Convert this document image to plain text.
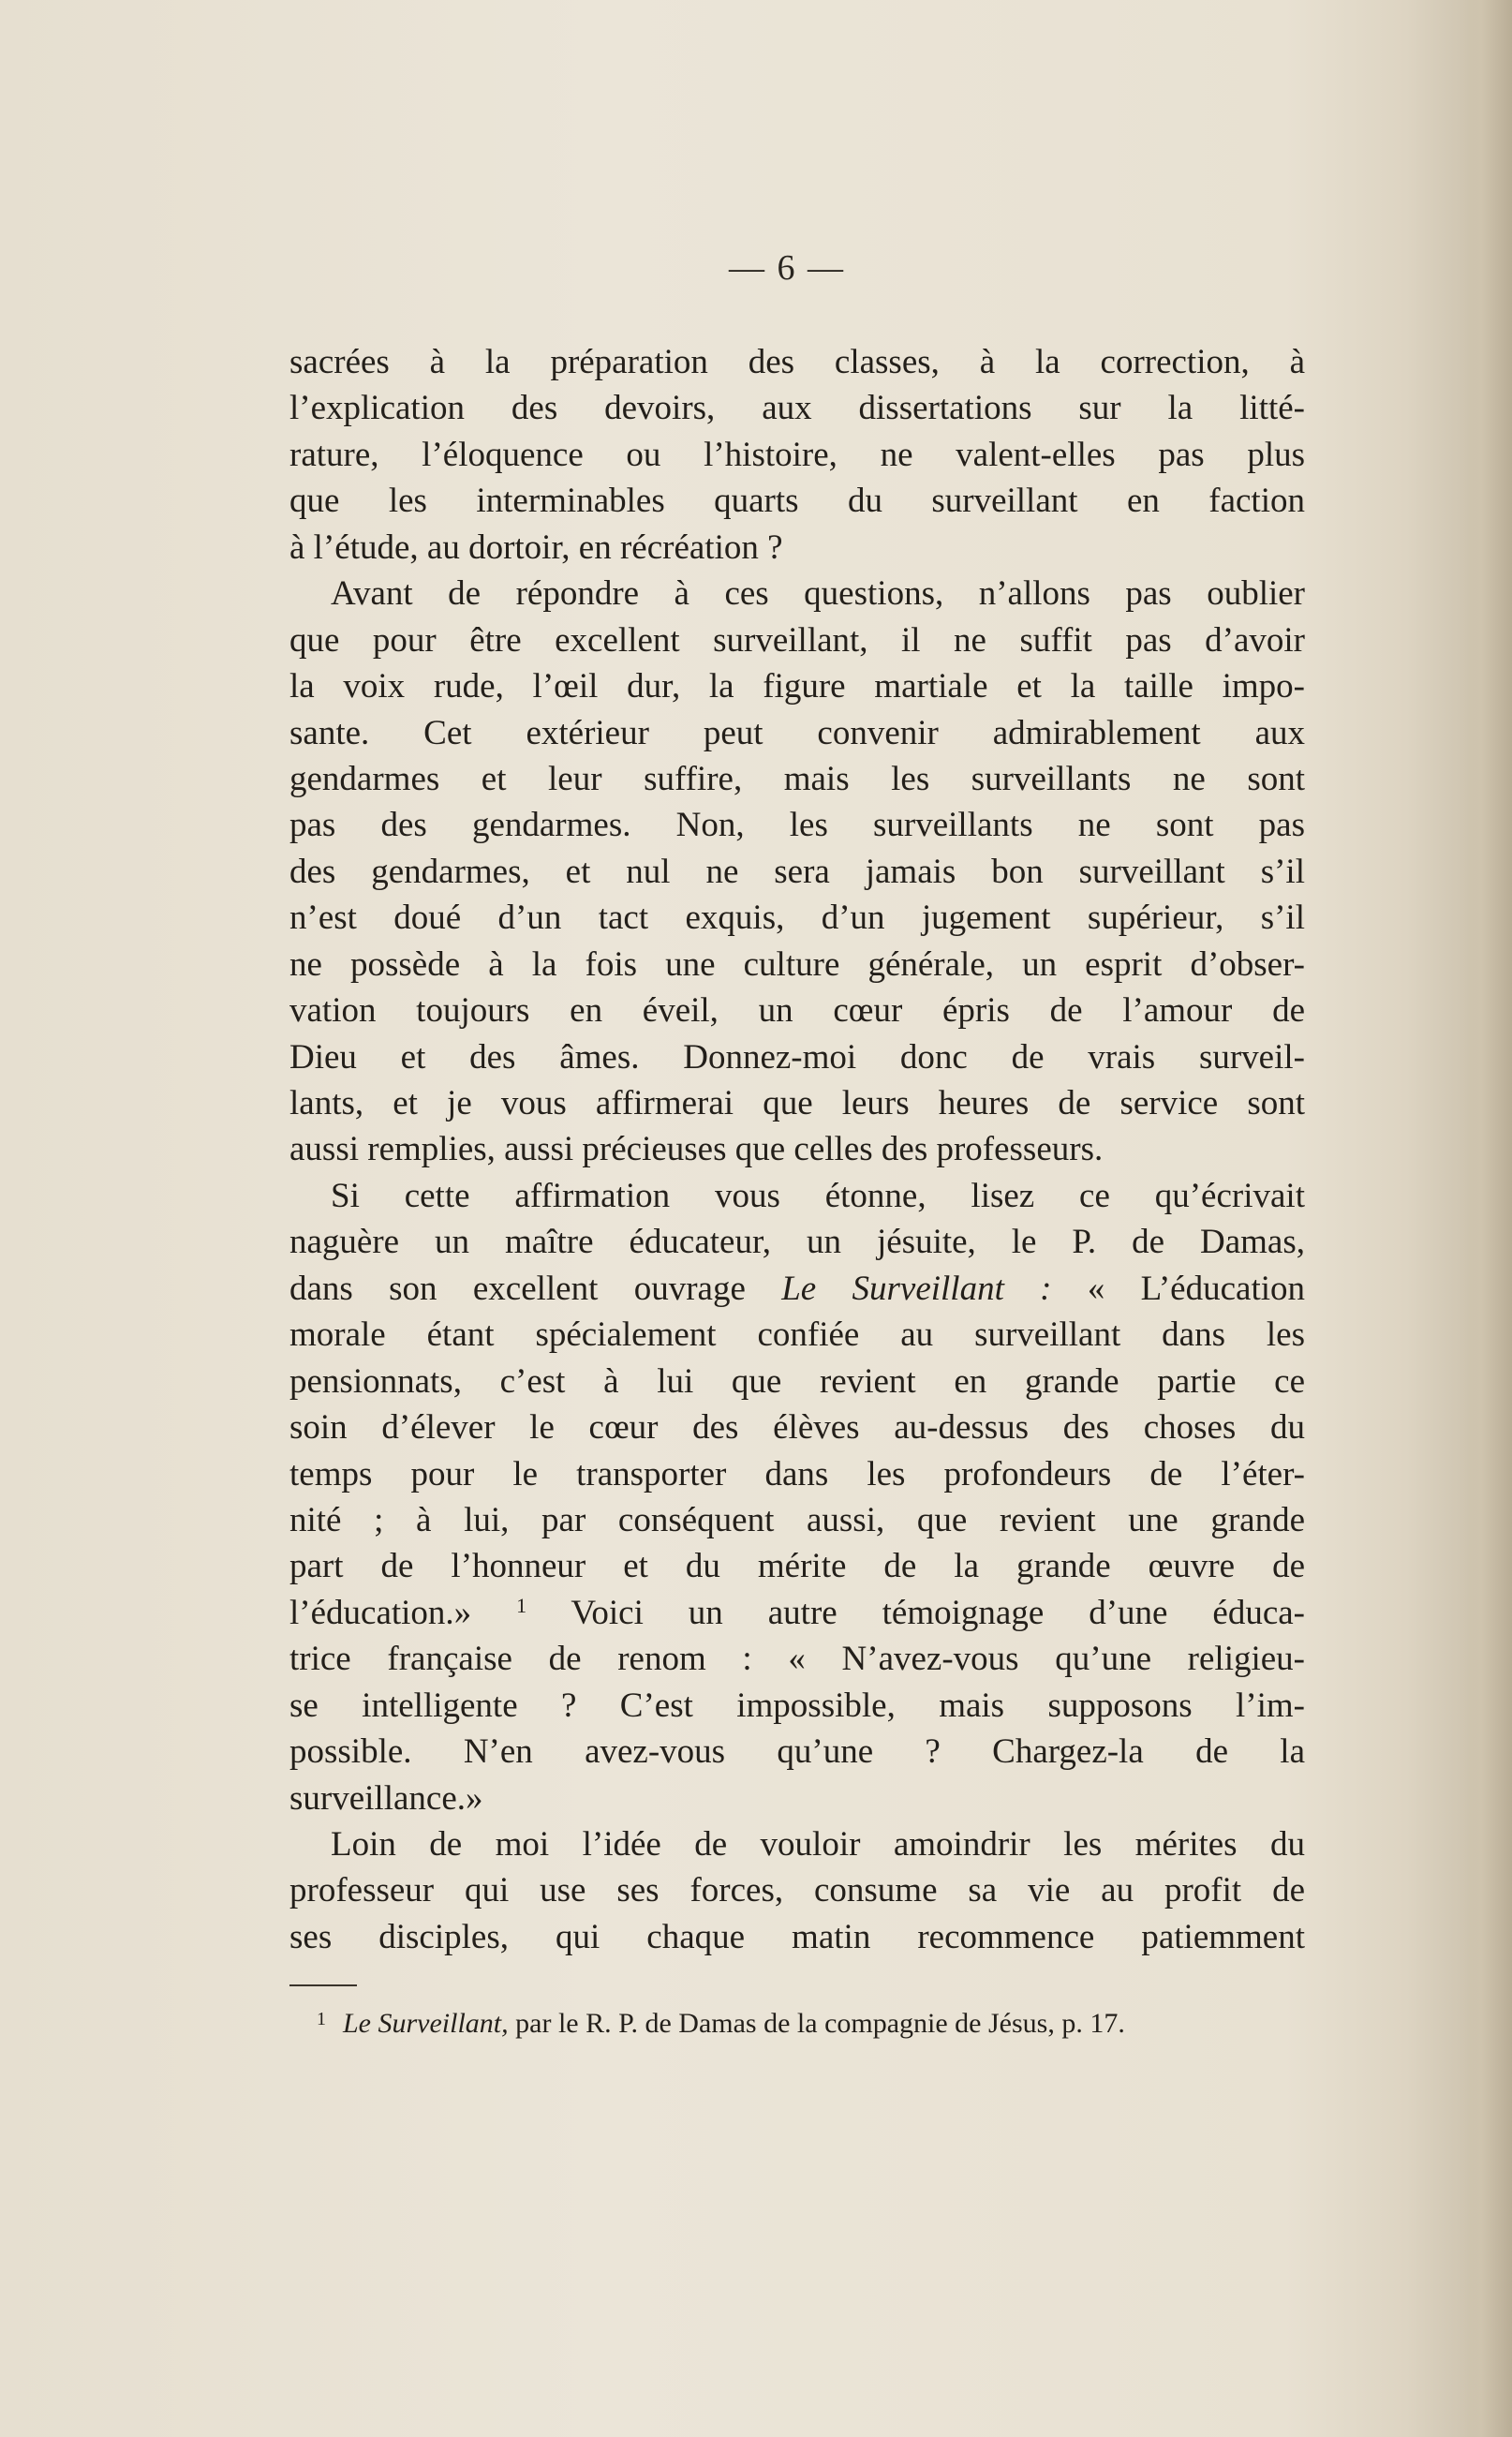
— 6 —
sacrées à la préparation des classes, à la correction, à
l’explication des devoirs, aux dissertations sur la litté-
rature, l’éloquence ou l’histoire, ne valent-elles pas plus
que les interminables quarts du surveillant en faction
à l’étude, au dortoir, en récréation ?
Avant de répondre à ces questions, n’allons pas oublier
que pour être excellent surveillant, il ne suffit pas d’avoir
la voix rude, l’œil dur, la figure martiale et la taille impo-
sante. Cet extérieur peut convenir admirablement aux
gendarmes et leur suffire, mais les surveillants ne sont
pas des gendarmes. Non, les surveillants ne sont pas
des gendarmes, et nul ne sera jamais bon surveillant s’il
n’est doué d’un tact exquis, d’un jugement supérieur, s’il
ne possède à la fois une culture générale, un esprit d’obser-
vation toujours en éveil, un cœur épris de l’amour de
Dieu et des âmes. Donnez-moi donc de vrais surveil-
lants, et je vous affirmerai que leurs heures de service sont
aussi remplies, aussi précieuses que celles des professeurs.
Si cette affirmation vous étonne, lisez ce qu’écrivait
naguère un maître éducateur, un jésuite, le P. de Damas,
dans son excellent ouvrage Le Surveillant : « L’éducation
morale étant spécialement confiée au surveillant dans les
pensionnats, c’est à lui que revient en grande partie ce
soin d’élever le cœur des élèves au-dessus des choses du
temps pour le transporter dans les profondeurs de l’éter-
nité ; à lui, par conséquent aussi, que revient une grande
part de l’honneur et du mérite de la grande œuvre de
l’éducation.» $^1$ Voici un autre témoignage d’une éduca-
trice française de renom : « N’avez-vous qu’une religieu-
se intelligente ? C’est impossible, mais supposons l’im-
possible. N’en avez-vous qu’une ? Chargez-la de la
surveillance.»
Loin de moi l’idée de vouloir amoindrir les mérites du
professeur qui use ses forces, consume sa vie au profit de
ses disciples, qui chaque matin recommence patiemment
$^1$ Le Surveillant, par le R. P. de Damas de la compagnie de Jésus, p. 17.
